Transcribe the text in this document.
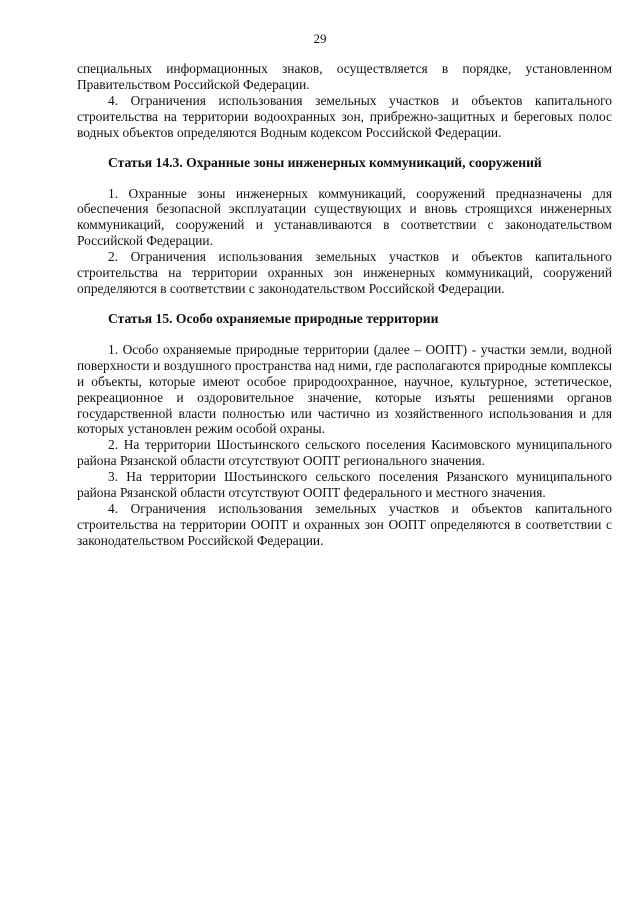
29

специальных информационных знаков, осуществляется в порядке, установленном Правительством Российской Федерации.

4. Ограничения использования земельных участков и объектов капитального строительства на территории водоохранных зон, прибрежно-защитных и береговых полос водных объектов определяются Водным кодексом Российской Федерации.

Статья 14.3. Охранные зоны инженерных коммуникаций, сооружений

1. Охранные зоны инженерных коммуникаций, сооружений предназначены для обеспечения безопасной эксплуатации существующих и вновь строящихся инженерных коммуникаций, сооружений и устанавливаются в соответствии с законодательством Российской Федерации.

2. Ограничения использования земельных участков и объектов капитального строительства на территории охранных зон инженерных коммуникаций, сооружений определяются в соответствии с законодательством Российской Федерации.

Статья 15. Особо охраняемые природные территории

1. Особо охраняемые природные территории (далее – ООПТ) - участки земли, водной поверхности и воздушного пространства над ними, где располагаются природные комплексы и объекты, которые имеют особое природоохранное, научное, культурное, эстетическое, рекреационное и оздоровительное значение, которые изъяты решениями органов государственной власти полностью или частично из хозяйственного использования и для которых установлен режим особой охраны.

2. На территории Шостьинского сельского поселения Касимовского муниципального района Рязанской области отсутствуют ООПТ регионального значения.

3. На территории Шостьинского сельского поселения Рязанского муниципального района Рязанской области отсутствуют ООПТ федерального и местного значения.

4. Ограничения использования земельных участков и объектов капитального строительства на территории ООПТ и охранных зон ООПТ определяются в соответствии с законодательством Российской Федерации.
